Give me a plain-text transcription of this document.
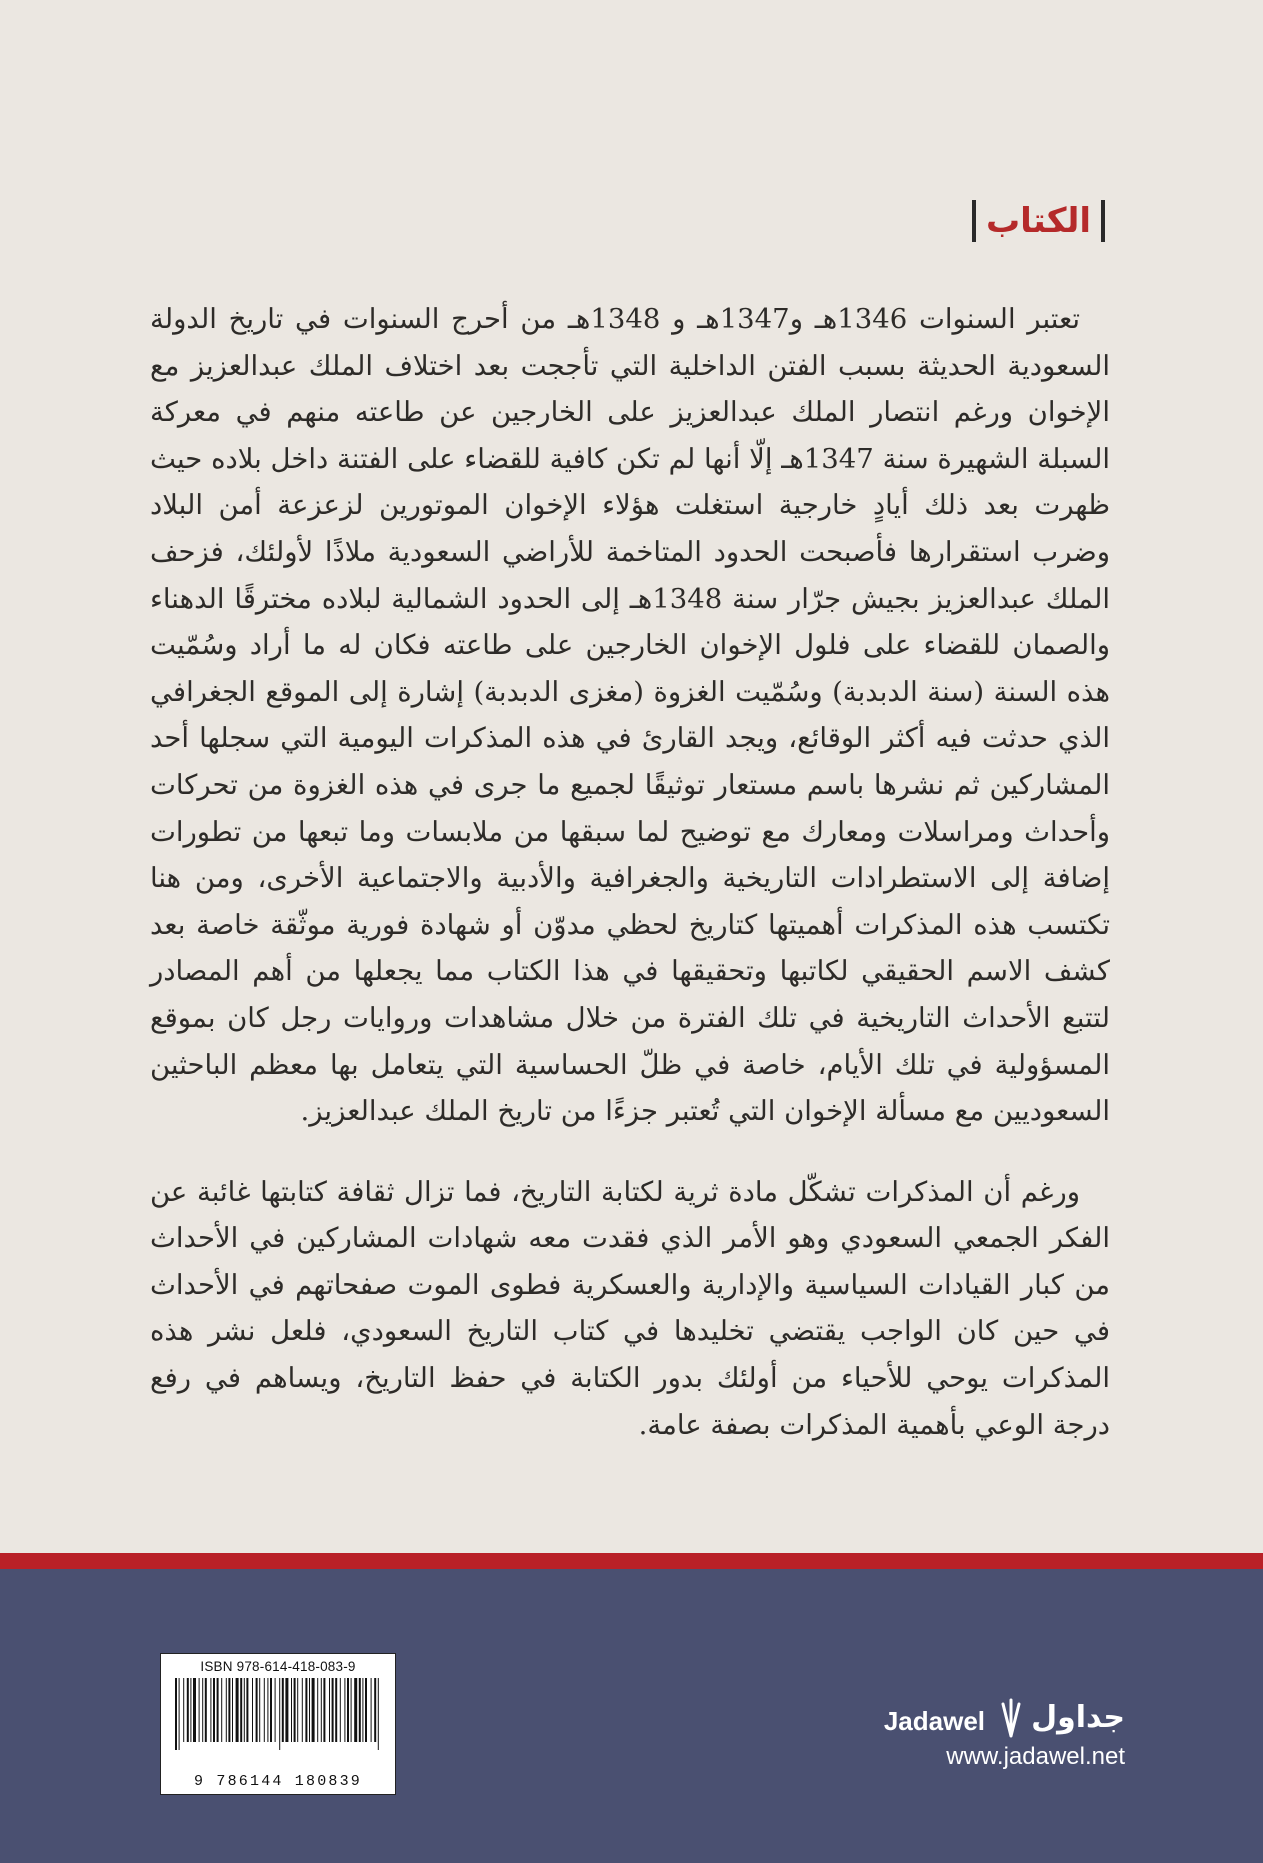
الكتاب

تعتبر السنوات 1346هـ و1347هـ و 1348هـ من أحرج السنوات في تاريخ الدولة السعودية الحديثة بسبب الفتن الداخلية التي تأججت بعد اختلاف الملك عبدالعزيز مع الإخوان ورغم انتصار الملك عبدالعزيز على الخارجين عن طاعته منهم في معركة السبلة الشهيرة سنة 1347هـ إلّا أنها لم تكن كافية للقضاء على الفتنة داخل بلاده حيث ظهرت بعد ذلك أيادٍ خارجية استغلت هؤلاء الإخوان الموتورين لزعزعة أمن البلاد وضرب استقرارها فأصبحت الحدود المتاخمة للأراضي السعودية ملاذًا لأولئك، فزحف الملك عبدالعزيز بجيش جرّار سنة 1348هـ إلى الحدود الشمالية لبلاده مخترقًا الدهناء والصمان للقضاء على فلول الإخوان الخارجين على طاعته فكان له ما أراد وسُمّيت هذه السنة (سنة الدبدبة) وسُمّيت الغزوة (مغزى الدبدبة) إشارة إلى الموقع الجغرافي الذي حدثت فيه أكثر الوقائع، ويجد القارئ في هذه المذكرات اليومية التي سجلها أحد المشاركين ثم نشرها باسم مستعار توثيقًا لجميع ما جرى في هذه الغزوة من تحركات وأحداث ومراسلات ومعارك مع توضيح لما سبقها من ملابسات وما تبعها من تطورات إضافة إلى الاستطرادات التاريخية والجغرافية والأدبية والاجتماعية الأخرى، ومن هنا تكتسب هذه المذكرات أهميتها كتاريخ لحظي مدوّن أو شهادة فورية موثّقة خاصة بعد كشف الاسم الحقيقي لكاتبها وتحقيقها في هذا الكتاب مما يجعلها من أهم المصادر لتتبع الأحداث التاريخية في تلك الفترة من خلال مشاهدات وروايات رجل كان بموقع المسؤولية في تلك الأيام، خاصة في ظلّ الحساسية التي يتعامل بها معظم الباحثين السعوديين مع مسألة الإخوان التي تُعتبر جزءًا من تاريخ الملك عبدالعزيز.

ورغم أن المذكرات تشكّل مادة ثرية لكتابة التاريخ، فما تزال ثقافة كتابتها غائبة عن الفكر الجمعي السعودي وهو الأمر الذي فقدت معه شهادات المشاركين في الأحداث من كبار القيادات السياسية والإدارية والعسكرية فطوى الموت صفحاتهم في الأحداث في حين كان الواجب يقتضي تخليدها في كتاب التاريخ السعودي، فلعل نشر هذه المذكرات يوحي للأحياء من أولئك بدور الكتابة في حفظ التاريخ، ويساهم في رفع درجة الوعي بأهمية المذكرات بصفة عامة.

ISBN 978-614-418-083-9
9 786144 180839
جداول
Jadawel
www.jadawel.net
